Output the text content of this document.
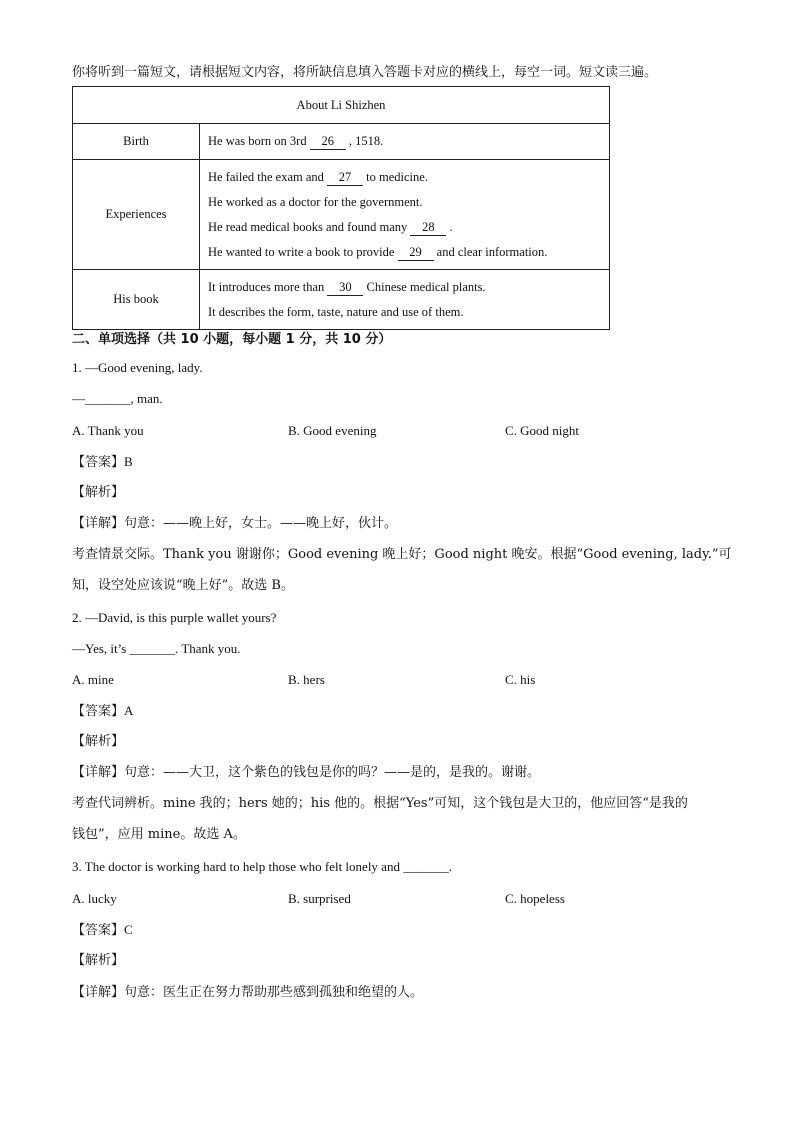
你将听到一篇短文，请根据短文内容，将所缺信息填入答题卡对应的横线上，每空一词。短文读三遍。
About Li Shizhen	
Birth	He was born on 3rd 26 , 1518.
Experiences	He failed the exam and 27 to medicine.
He worked as a doctor for the government.
He read medical books and found many 28 .
He wanted to write a book to provide 29 and clear information.

His book	It introduces more than 30 Chinese medical plants.
It describes the form, taste, nature and use of them.
二、单项选择（共 10 小题，每小题 1 分，共 10 分）
1. —Good evening, lady.
—_______, man.
A. Thank you	B. Good evening	C. Good night
【答案】B
【解析】
【详解】句意：——晚上好，女士。——晚上好，伙计。
考查情景交际。Thank you 谢谢你；Good evening 晚上好；Good night 晚安。根据“Good evening, lady.”可
知，设空处应该说“晚上好”。故选 B。
2. —David, is this purple wallet yours?
—Yes, it’s _______. Thank you.
A. mine	B. hers	C. his
【答案】A
【解析】
【详解】句意：——大卫，这个紫色的钱包是你的吗？——是的，是我的。谢谢。
考查代词辨析。mine 我的；hers 她的；his 他的。根据“Yes”可知，这个钱包是大卫的，他应回答“是我的
钱包”，应用 mine。故选 A。
3. The doctor is working hard to help those who felt lonely and _______.
A. lucky	B. surprised	C. hopeless
【答案】C
【解析】
【详解】句意：医生正在努力帮助那些感到孤独和绝望的人。
